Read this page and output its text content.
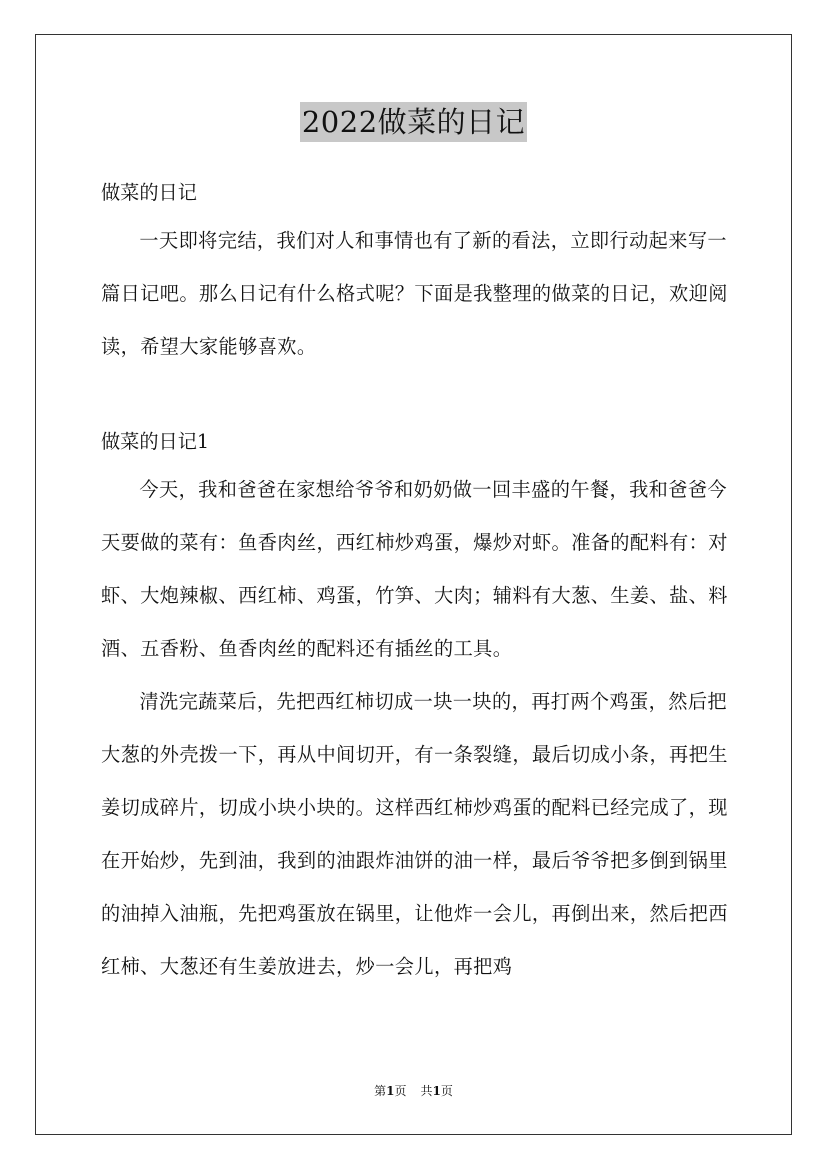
2022做菜的日记
做菜的日记

一天即将完结，我们对人和事情也有了新的看法，立即行动起来写一篇日记吧。那么日记有什么格式呢？下面是我整理的做菜的日记，欢迎阅读，希望大家能够喜欢。

做菜的日记1

今天，我和爸爸在家想给爷爷和奶奶做一回丰盛的午餐，我和爸爸今天要做的菜有：鱼香肉丝，西红柿炒鸡蛋，爆炒对虾。准备的配料有：对虾、大炮辣椒、西红柿、鸡蛋，竹笋、大肉；辅料有大葱、生姜、盐、料酒、五香粉、鱼香肉丝的配料还有插丝的工具。

清洗完蔬菜后，先把西红柿切成一块一块的，再打两个鸡蛋，然后把大葱的外壳拨一下，再从中间切开，有一条裂缝，最后切成小条，再把生姜切成碎片，切成小块小块的。这样西红柿炒鸡蛋的配料已经完成了，现在开始炒，先到油，我到的油跟炸油饼的油一样，最后爷爷把多倒到锅里的油掉入油瓶，先把鸡蛋放在锅里，让他炸一会儿，再倒出来，然后把西红柿、大葱还有生姜放进去，炒一会儿，再把鸡

第1页 共1页
